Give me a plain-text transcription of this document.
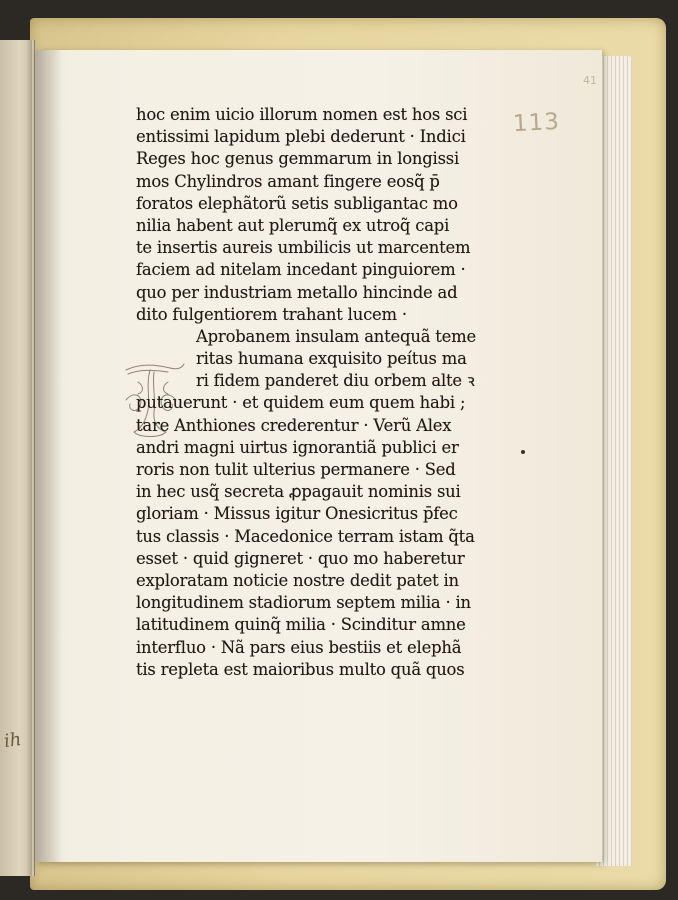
ih
41
113
hoc enim uicio illorum nomen est hos sci
entissimi lapidum plebi dederunt · Indici
Reges hoc genus gemmarum in longissi
mos Chylindros amant fingere eosq̃ p̄
foratos elephãtorũ setis subligantac mo
nilia habent aut plerumq̃ ex utroq̃ capi
te insertis aureis umbilicis ut marcentem
faciem ad nitelam incedant pinguiorem ·
quo per industriam metallo hincinde ad
dito fulgentiorem trahant lucem ·
Aprobanem insulam antequã teme
ritas humana exquisito peítus ma
ri fidem panderet diu orbem alte ꝛ
putauerunt · et quidem eum quem habi ;
tare Anthiones crederentur · Verũ Alex
andri magni uirtus ignorantiã publici er
roris non tulit ulterius permanere · Sed
in hec usq̃ secreta ꝓpagauit nominis sui
gloriam · Missus igitur Onesicritus p̄fec
tus classis · Macedonice terram istam q̃ta
esset · quid gigneret · quo mo haberetur
exploratam noticie nostre dedit patet in
longitudinem stadiorum septem milia · in
latitudinem quinq̃ milia · Scinditur amne
interfluo · Nã pars eius bestiis et elephã
tis repleta est maioribus multo quã quos
